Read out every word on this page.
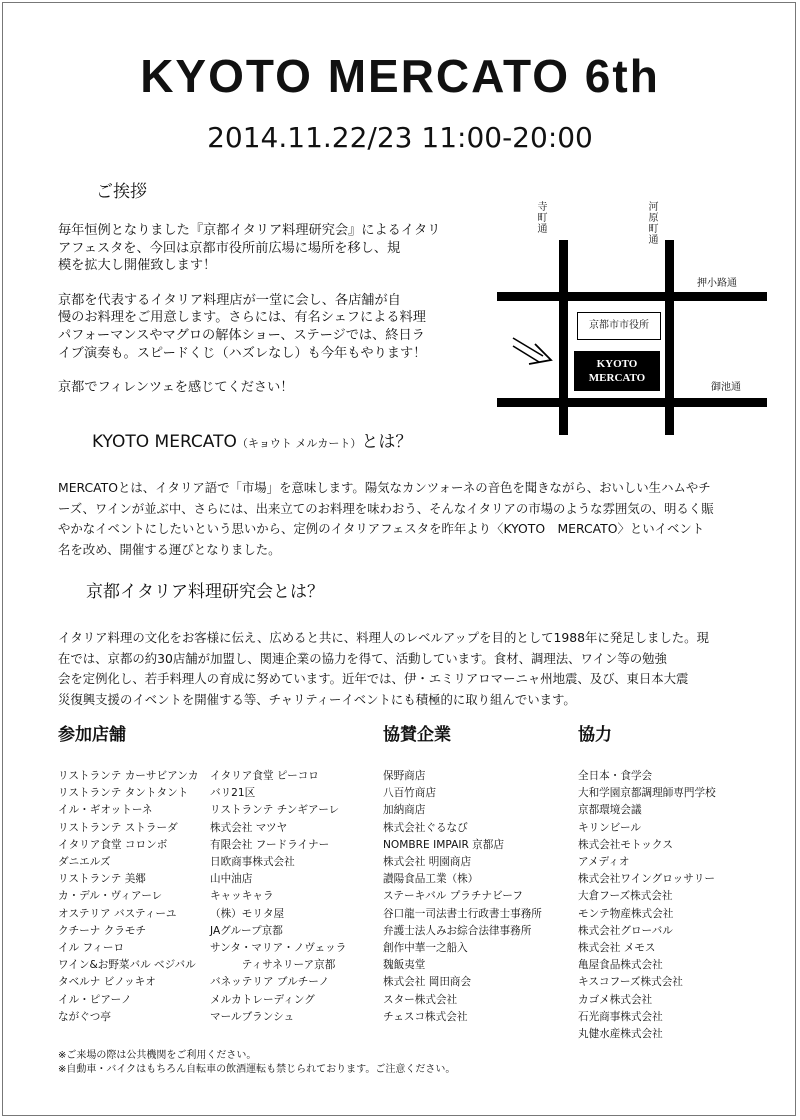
KYOTO MERCATO 6th
2014.11.22/23 11:00-20:00
ご挨拶
毎年恒例となりました『京都イタリア料理研究会』によるイタリ
アフェスタを、今回は京都市役所前広場に場所を移し、規
模を拡大し開催致します！
京都を代表するイタリア料理店が一堂に会し、各店舗が自
慢のお料理をご用意します。さらには、有名シェフによる料理
パフォーマンスやマグロの解体ショー、ステージでは、終日ラ
イブ演奏も。スピードくじ（ハズレなし）も今年もやります！
京都でフィレンツェを感じてください！
寺町通
河原町通
押小路通
御池通
京都市市役所
KYOTO
MERCATO
KYOTO MERCATO（キョウト メルカート）とは？
MERCATOとは、イタリア語で「市場」を意味します。陽気なカンツォーネの音色を聞きながら、おいしい生ハムやチ
ーズ、ワインが並ぶ中、さらには、出来立てのお料理を味わおう、そんなイタリアの市場のような雰囲気の、明るく賑
やかなイベントにしたいという思いから、定例のイタリアフェスタを昨年より〈KYOTO　MERCATO〉といイベント
名を改め、開催する運びとなりました。
京都イタリア料理研究会とは？
イタリア料理の文化をお客様に伝え、広めると共に、料理人のレベルアップを目的として1988年に発足しました。現
在では、京都の約30店舗が加盟し、関連企業の協力を得て、活動しています。食材、調理法、ワイン等の勉強
会を定例化し、若手料理人の育成に努めています。近年では、伊・エミリアロマーニャ州地震、及び、東日本大震
災復興支援のイベントを開催する等、チャリティーイベントにも積極的に取り組んでいます。
参加店舗	協賛企業	協力
リストランテ カーサビアンカ
リストランテ タントタント
イル・ギオットーネ
リストランテ ストラーダ
イタリア食堂 コロンボ
ダニエルズ
リストランテ 美郷
カ・デル・ヴィアーレ
オステリア バスティーユ
クチーナ クラモチ
イル フィーロ
ワイン&お野菜バル ベジバル
タベルナ ビノッキオ
イル・ピアーノ
ながぐつ亭
イタリア食堂 ピーコロ
バリ21区
リストランテ チンギアーレ
株式会社 マツヤ
有限会社 フードライナー
日欧商事株式会社
山中油店
キャッキャラ
（株）モリタ屋
JAグループ京都
サンタ・マリア・ノヴェッラ
　　　ティサネリーア京都
バネッテリア ブルチーノ
メルカトレーディング
マールブランシュ
保野商店
八百竹商店
加納商店
株式会社ぐるなび
NOMBRE IMPAIR 京都店
株式会社 明園商店
讃陽食品工業（株）
ステーキバル プラチナビーフ
谷口龍一司法書士行政書士事務所
弁護士法人みお綜合法律事務所
創作中華一之船入
魏飯夷堂
株式会社 岡田商会
スター株式会社
チェスコ株式会社
全日本・食学会
大和学園京都調理師専門学校
京都環境会議
キリンビール
株式会社モトックス
アメディオ
株式会社ワイングロッサリー
大倉フーズ株式会社
モンテ物産株式会社
株式会社グローバル
株式会社 メモス
亀屋食品株式会社
キスコフーズ株式会社
カゴメ株式会社
石光商事株式会社
丸健水産株式会社
※ご来場の際は公共機関をご利用ください。
※自動車・バイクはもちろん自転車の飲酒運転も禁じられております。ご注意ください。
